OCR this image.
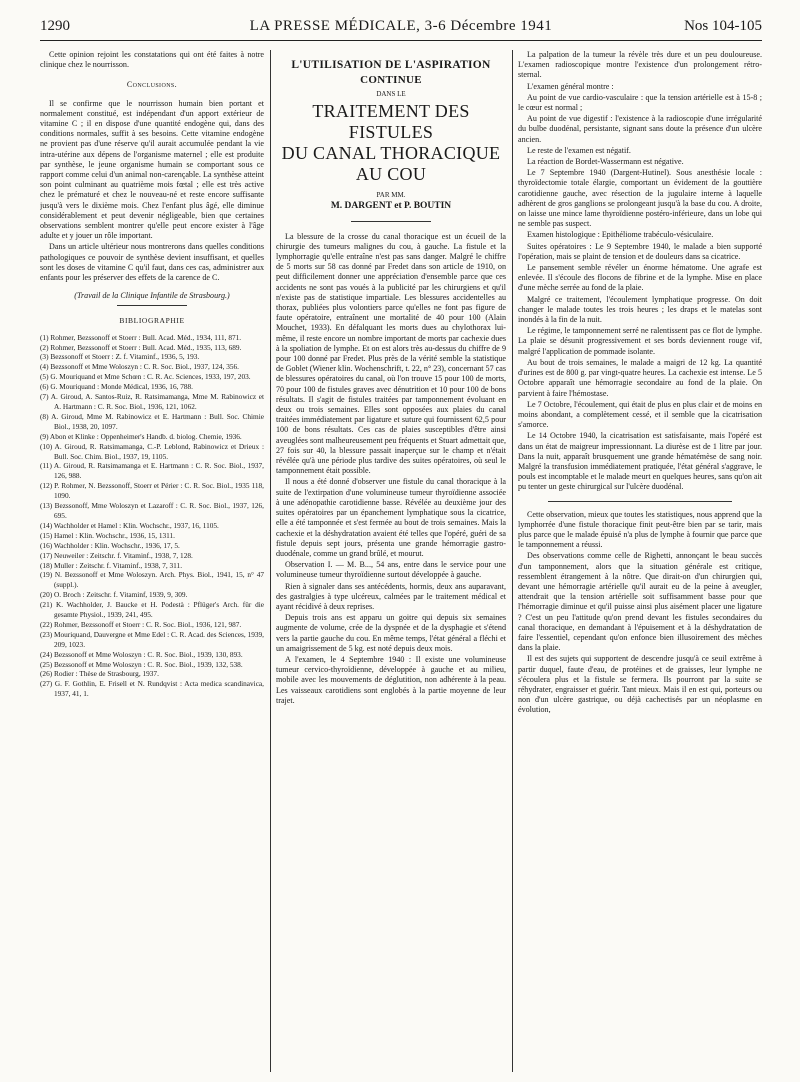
1290	LA PRESSE MÉDICALE, 3-6 Décembre 1941	Nos 104-105

Cette opinion rejoint les constatations qui ont été faites à notre clinique chez le nourrisson.

Conclusions.

Il se confirme que le nourrisson humain bien portant et normalement constitué, est indépendant d'un apport extérieur de vitamine C ; il en dispose d'une quantité endogène qui, dans des conditions normales, suffit à ses besoins. Cette vitamine endogène ne provient pas d'une réserve qu'il aurait accumulée pendant la vie intra-utérine aux dépens de l'organisme maternel ; elle est produite par synthèse, le jeune organisme humain se comportant sous ce rapport comme celui d'un animal non-carençable. La synthèse atteint son point culminant au quatrième mois fœtal ; elle est très active chez le prématuré et chez le nouveau-né et reste encore suffisante jusqu'à vers le dixième mois. Chez l'enfant plus âgé, elle diminue considérablement et peut devenir négligeable, bien que certaines observations semblent montrer qu'elle peut encore exister à l'âge adulte et y jouer un rôle important.

Dans un article ultérieur nous montrerons dans quelles conditions pathologiques ce pouvoir de synthèse devient insuffisant, et quelles sont les doses de vitamine C qu'il faut, dans ces cas, administrer aux enfants pour les préserver des effets de la carence de C.

(Travail de la Clinique Infantile de Strasbourg.)
BIBLIOGRAPHIE

(1) Rohmer, Bezssonoff et Stoerr : Bull. Acad. Méd., 1934, 111, 871.

(2) Rohmer, Bezssonoff et Stoerr : Bull. Acad. Méd., 1935, 113, 689.

(3) Bezssonoff et Stoerr : Z. f. Vitaminf., 1936, 5, 193.

(4) Bezssonoff et Mme Woloszyn : C. R. Soc. Biol., 1937, 124, 356.

(5) G. Mouriquand et Mme Schœn : C. R. Ac. Sciences, 1933, 197, 203.

(6) G. Mouriquand : Monde Médical, 1936, 16, 788.

(7) A. Giroud, A. Santos-Ruiz, R. Ratsimamanga, Mme M. Rabinowicz et A. Hartmann : C. R. Soc. Biol., 1936, 121, 1062.

(8) A. Giroud, Mme M. Rabinowicz et E. Hartmann : Bull. Soc. Chimie Biol., 1938, 20, 1097.

(9) Abon et Klinke : Oppenheimer's Handb. d. biolog. Chemie, 1936.

(10) A. Giroud, R. Ratsimamanga, C.-P. Leblond, Rabinowicz et Drieux : Bull. Soc. Chim. Biol., 1937, 19, 1105.

(11) A. Giroud, R. Ratsimamanga et E. Hartmann : C. R. Soc. Biol., 1937, 126, 988.

(12) P. Rohmer, N. Bezssonoff, Stoerr et Périer : C. R. Soc. Biol., 1935 118, 1090.

(13) Bezssonoff, Mme Woloszyn et Lazaroff : C. R. Soc. Biol., 1937, 126, 695.

(14) Wachholder et Hamel : Klin. Wochschr., 1937, 16, 1105.

(15) Hamel : Klin. Wochschr., 1936, 15, 1311.

(16) Wachholder : Klin. Wochschr., 1936, 17, 5.

(17) Neuweiler : Zeitschr. f. Vitaminf., 1938, 7, 128.

(18) Muller : Zeitschr. f. Vitaminf., 1938, 7, 311.

(19) N. Bezssonoff et Mme Woloszyn. Arch. Phys. Biol., 1941, 15, n° 47 (suppl.).

(20) O. Broch : Zeitschr. f. Vitaminf, 1939, 9, 309.

(21) K. Wachholder, J. Baucke et H. Podestà : Pflüger's Arch. für die gesamte Physiol., 1939, 241, 495.

(22) Rohmer, Bezssonoff et Stoerr : C. R. Soc. Biol., 1936, 121, 987.

(23) Mouriquand, Dauvergne et Mme Edel : C. R. Acad. des Sciences, 1939, 209, 1023.

(24) Bezssonoff et Mme Woloszyn : C. R. Soc. Biol., 1939, 130, 893.

(25) Bezssonoff et Mme Woloszyn : C. R. Soc. Biol., 1939, 132, 538.

(26) Rodier : Thèse de Strasbourg, 1937.

(27) G. F. Gothlin, E. Frisell et N. Rundqvist : Acta medica scandinavica, 1937, 41, 1.

L'UTILISATION DE L'ASPIRATION
CONTINUE
DANS LE
TRAITEMENT DES FISTULES
DU CANAL THORACIQUE
AU COU
PAR MM.
M. DARGENT et P. BOUTIN

La blessure de la crosse du canal thoracique est un écueil de la chirurgie des tumeurs malignes du cou, à gauche. La fistule et la lymphorragie qu'elle entraîne n'est pas sans danger. Malgré le chiffre de 5 morts sur 58 cas donné par Fredet dans son article de 1910, on peut difficilement donner une appréciation d'ensemble parce que ces accidents ne sont pas voués à la publicité par les chirurgiens et qu'il n'existe pas de statistique impartiale. Les blessures accidentelles au thorax, publiées plus volontiers parce qu'elles ne font pas figure de faute opératoire, entraînent une mortalité de 40 pour 100 (Alain Mouchet, 1933). En défalquant les morts dues au chylothorax lui-même, il reste encore un nombre important de morts par cachexie dues à la spoliation de lymphe. Et on est alors très au-dessus du chiffre de 9 pour 100 donné par Fredet. Plus près de la vérité semble la statistique de Goblet (Wiener klin. Wochenschrift, t. 22, n° 23), concernant 57 cas de blessures opératoires du canal, où l'on trouve 15 pour 100 de morts, 70 pour 100 de fistules graves avec dénutrition et 10 pour 100 de bons résultats. Il s'agit de fistules traitées par tamponnement évoluant en deux ou trois semaines. Elles sont opposées aux plaies du canal traitées immédiatement par ligature et suture qui fournissent 62,5 pour 100 de bons résultats. Ces cas de plaies susceptibles d'être ainsi aveuglées sont malheureusement peu fréquents et Stuart admettait que, 27 fois sur 40, la blessure passait inaperçue sur le champ et n'était révélée qu'à une période plus tardive des suites opératoires, où seul le tamponnement était possible.

Il nous a été donné d'observer une fistule du canal thoracique à la suite de l'extirpation d'une volumineuse tumeur thyroïdienne associée à une adénopathie carotidienne basse. Révélée au deuxième jour des suites opératoires par un épanchement lymphatique sous la cicatrice, elle a été tamponnée et s'est fermée au bout de trois semaines. Mais la cachexie et la déshydratation avaient été telles que l'opéré, guéri de sa fistule depuis sept jours, présenta une grande hémorragie gastro-duodénale, comme un grand brûlé, et mourut.

Observation I. — M. B..., 54 ans, entre dans le service pour une volumineuse tumeur thyroïdienne surtout développée à gauche.

Rien à signaler dans ses antécédents, hormis, deux ans auparavant, des gastralgies à type ulcéreux, calmées par le traitement médical et ayant récidivé à deux reprises.

Depuis trois ans est apparu un goitre qui depuis six semaines augmente de volume, crée de la dyspnée et de la dysphagie et s'étend vers la partie gauche du cou. En même temps, l'état général a fléchi et un amaigrissement de 5 kg. est noté depuis deux mois.

A l'examen, le 4 Septembre 1940 : Il existe une volumineuse tumeur cervico-thyroïdienne, développée à gauche et au milieu, mobile avec les mouvements de déglutition, non adhérente à la peau. Les vaisseaux carotidiens sont englobés à la partie moyenne de leur trajet.

La palpation de la tumeur la révèle très dure et un peu douloureuse. L'examen radioscopique montre l'existence d'un prolongement rétro-sternal.

L'examen général montre :

Au point de vue cardio-vasculaire : que la tension artérielle est à 15-8 ; le cœur est normal ;

Au point de vue digestif : l'existence à la radioscopie d'une irrégularité du bulbe duodénal, persistante, signant sans doute la présence d'un ulcère ancien.

Le reste de l'examen est négatif.

La réaction de Bordet-Wassermann est négative.

Le 7 Septembre 1940 (Dargent-Hutinel). Sous anesthésie locale : thyroïdectomie totale élargie, comportant un évidement de la gouttière carotidienne gauche, avec résection de la jugulaire interne à laquelle adhèrent de gros ganglions se prolongeant jusqu'à la base du cou. A droite, on laisse une mince lame thyroïdienne postéro-inférieure, dans un lobe qui ne semble pas suspect.

Examen histologique : Epithéliome trabéculo-vésiculaire.

Suites opératoires : Le 9 Septembre 1940, le malade a bien supporté l'opération, mais se plaint de tension et de douleurs dans sa cicatrice.

Le pansement semble révéler un énorme hématome. Une agrafe est enlevée. Il s'écoule des flocons de fibrine et de la lymphe. Mise en place d'une mèche serrée au fond de la plaie.

Malgré ce traitement, l'écoulement lymphatique progresse. On doit changer le malade toutes les trois heures ; les draps et le matelas sont inondés à la fin de la nuit.

Le régime, le tamponnement serré ne ralentissent pas ce flot de lymphe. La plaie se désunit progressivement et ses bords deviennent rouge vif, malgré l'application de pommade isolante.

Au bout de trois semaines, le malade a maigri de 12 kg. La quantité d'urines est de 800 g. par vingt-quatre heures. La cachexie est intense. Le 5 Octobre apparaît une hémorragie secondaire au fond de la plaie. On parvient à faire l'hémostase.

Le 7 Octobre, l'écoulement, qui était de plus en plus clair et de moins en moins abondant, a complètement cessé, et il semble que la cicatrisation s'amorce.

Le 14 Octobre 1940, la cicatrisation est satisfaisante, mais l'opéré est dans un état de maigreur impressionnant. La diurèse est de 1 litre par jour. Dans la nuit, apparaît brusquement une grande hématémèse de sang noir. Malgré la transfusion immédiatement pratiquée, l'état général s'aggrave, le pouls est incomptable et le malade meurt en quelques heures, sans qu'on ait pu tenter un geste chirurgical sur l'ulcère duodénal.

Cette observation, mieux que toutes les statistiques, nous apprend que la lymphorrée d'une fistule thoracique finit peut-être bien par se tarir, mais plus parce que le malade épuisé n'a plus de lymphe à fournir que parce que le tamponnement a réussi.

Des observations comme celle de Righetti, annonçant le beau succès d'un tamponnement, alors que la situation générale est critique, ressemblent étrangement à la nôtre. Que dirait-on d'un chirurgien qui, devant une hémorragie artérielle qu'il aurait eu de la peine à aveugler, attendrait que la tension artérielle soit suffisamment basse pour que l'hémorragie diminue et qu'il puisse ainsi plus aisément placer une ligature ? C'est un peu l'attitude qu'on prend devant les fistules secondaires du canal thoracique, en demandant à l'épuisement et à la déshydratation de faire l'essentiel, cependant qu'on enfonce bien illusoirement des mèches dans la plaie.

Il est des sujets qui supportent de descendre jusqu'à ce seuil extrême à partir duquel, faute d'eau, de protéines et de graisses, leur lymphe ne s'écoulera plus et la fistule se fermera. Ils pourront par la suite se réhydrater, engraisser et guérir. Tant mieux. Mais il en est qui, porteurs ou non d'un ulcère gastrique, ou déjà cachectisés par un néoplasme en évolution,
